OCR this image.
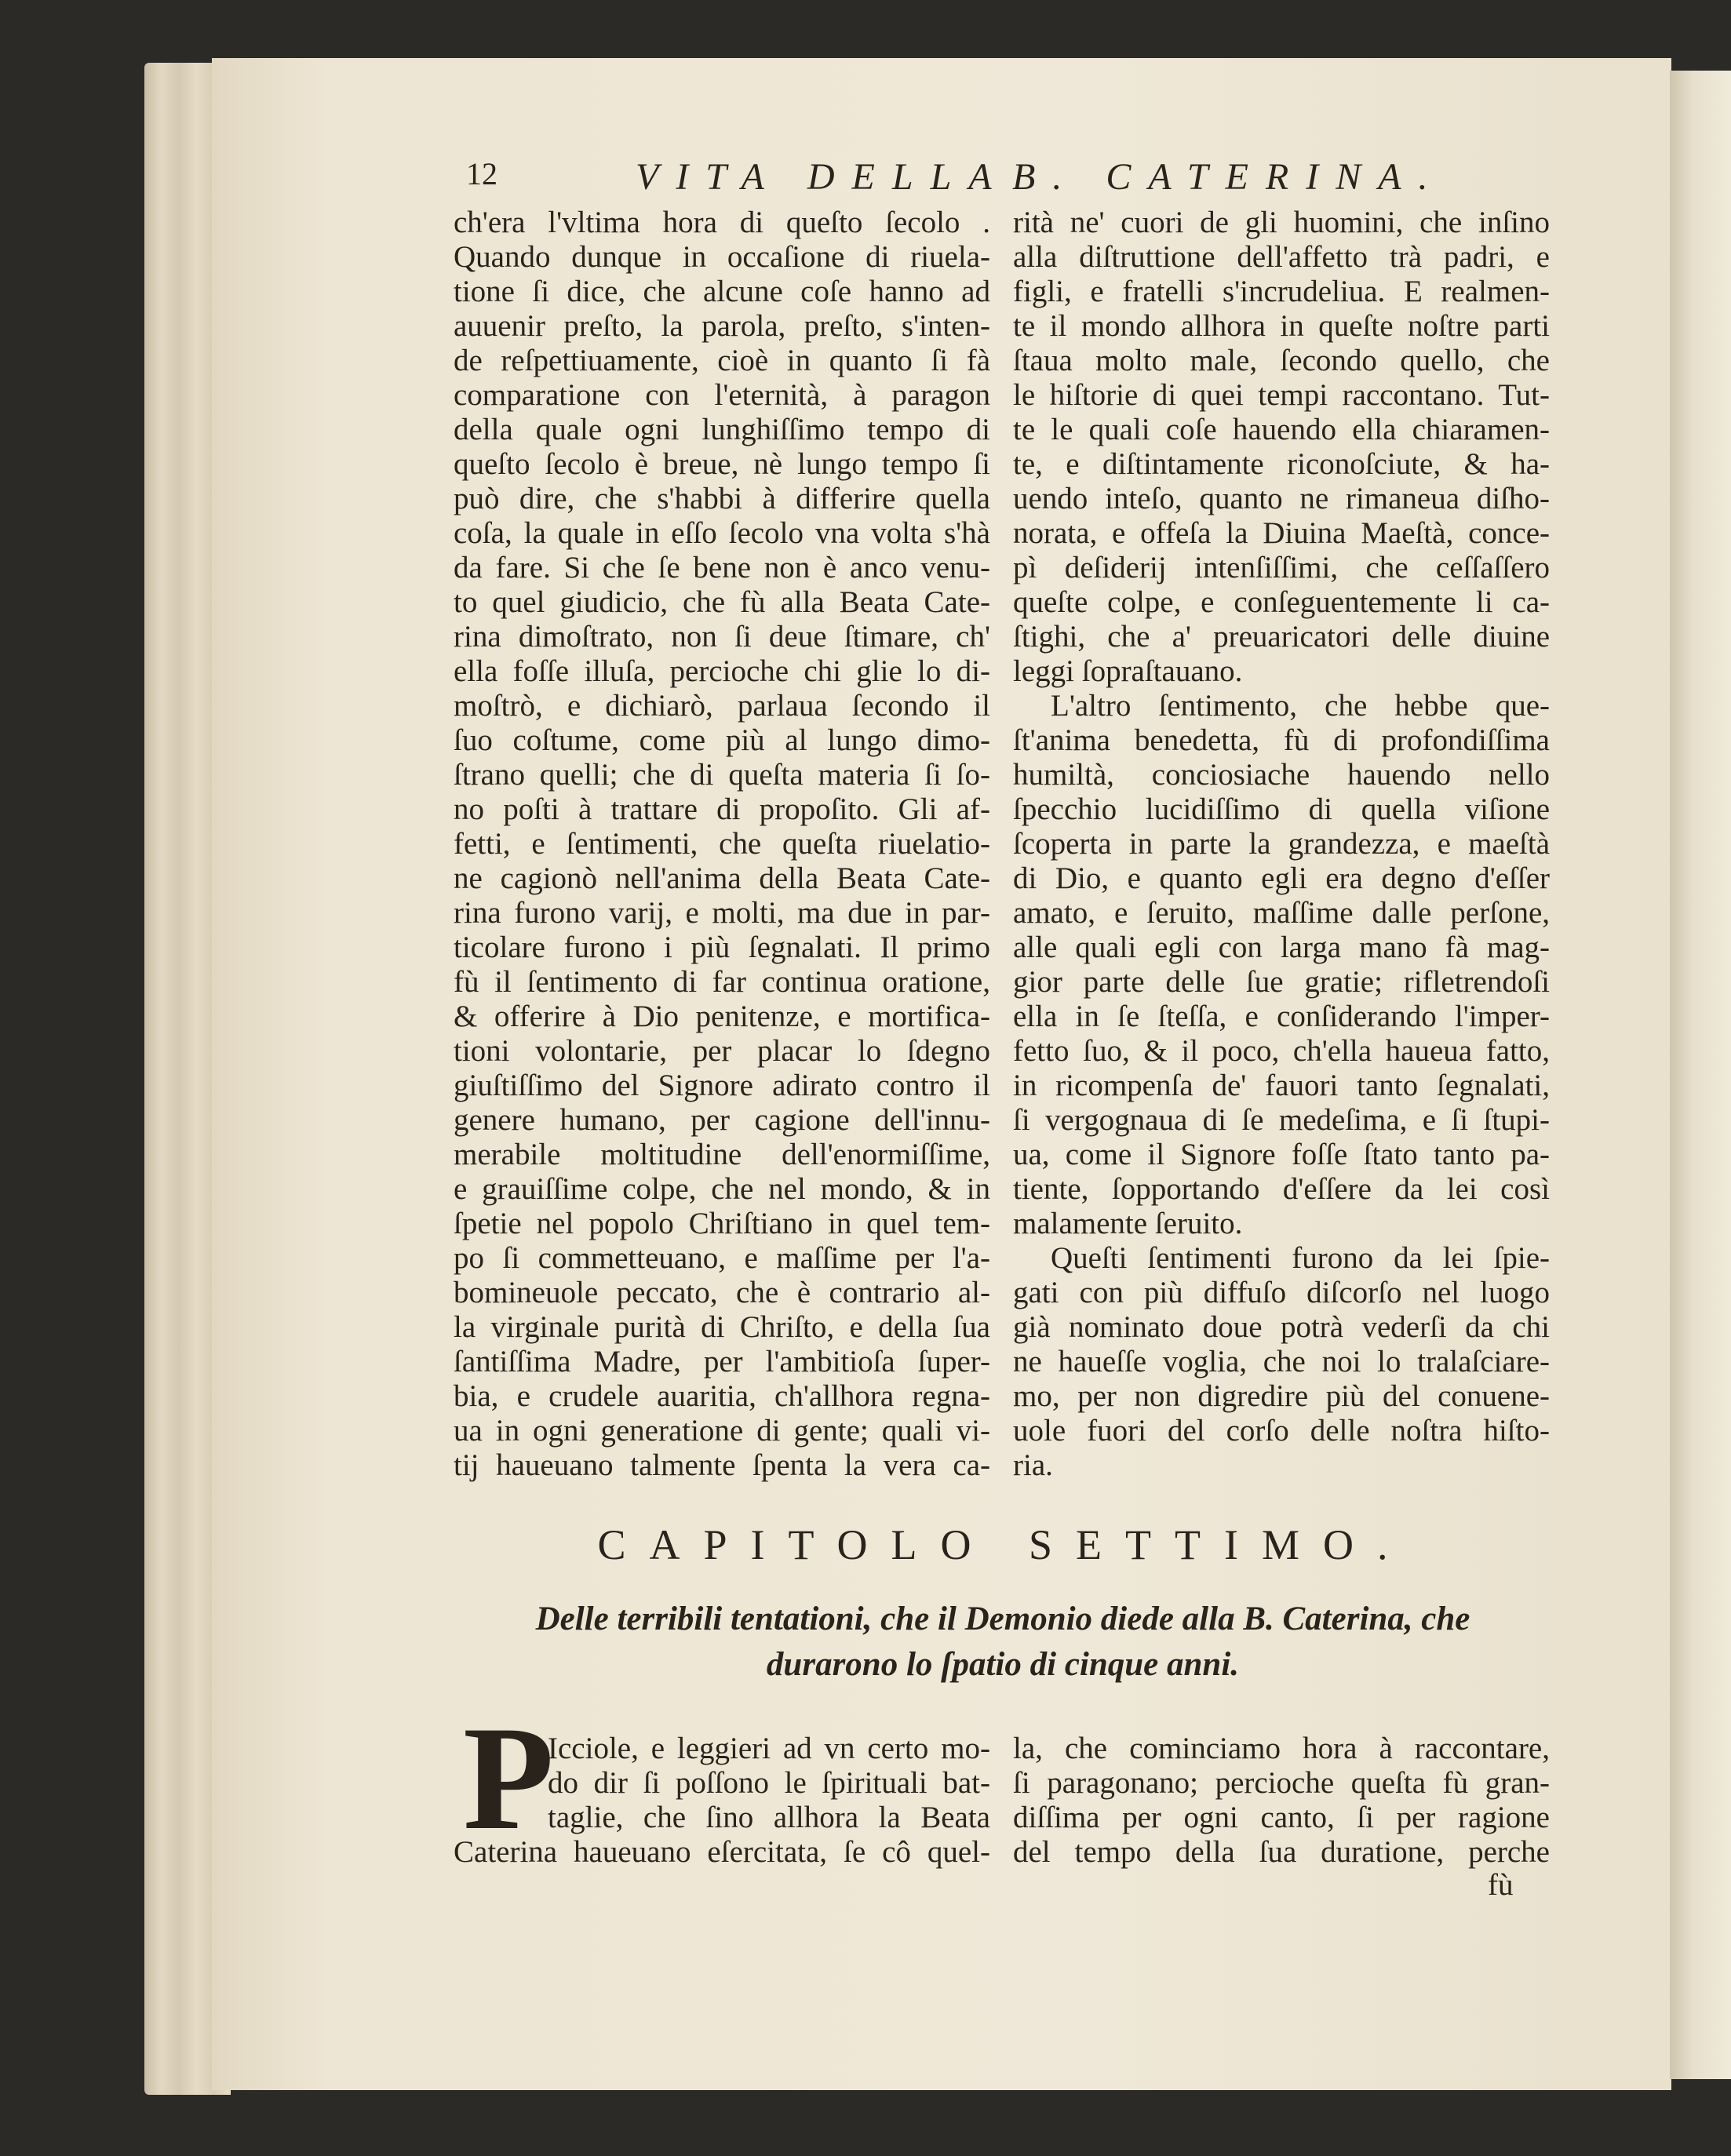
12	VITA DELLA B. CATERINA.
ch'era l'vltima hora di queſto ſecolo .
Quando dunque in occaſione di riuela-
tione ſi dice, che alcune coſe hanno ad
auuenir preſto, la parola, preſto, s'inten-
de reſpettiuamente, cioè in quanto ſi fà
comparatione con l'eternità, à paragon
della quale ogni lunghiſſimo tempo di
queſto ſecolo è breue, nè lungo tempo ſi
può dire, che s'habbi à differire quella
coſa, la quale in eſſo ſecolo vna volta s'hà
da fare. Si che ſe bene non è anco venu-
to quel giudicio, che fù alla Beata Cate-
rina dimoſtrato, non ſi deue ſtimare, ch'
ella foſſe illuſa, percioche chi glie lo di-
moſtrò, e dichiarò, parlaua ſecondo il
ſuo coſtume, come più al lungo dimo-
ſtrano quelli; che di queſta materia ſi ſo-
no poſti à trattare di propoſito. Gli af-
fetti, e ſentimenti, che queſta riuelatio-
ne cagionò nell'anima della Beata Cate-
rina furono varij, e molti, ma due in par-
ticolare furono i più ſegnalati. Il primo
fù il ſentimento di far continua oratione,
& offerire à Dio penitenze, e mortifica-
tioni volontarie, per placar lo ſdegno
giuſtiſſimo del Signore adirato contro il
genere humano, per cagione dell'innu-
merabile moltitudine dell'enormiſſime,
e grauiſſime colpe, che nel mondo, & in
ſpetie nel popolo Chriſtiano in quel tem-
po ſi commetteuano, e maſſime per l'a-
bomineuole peccato, che è contrario al-
la virginale purità di Chriſto, e della ſua
ſantiſſima Madre, per l'ambitioſa ſuper-
bia, e crudele auaritia, ch'allhora regna-
ua in ogni generatione di gente; quali vi-
tij haueuano talmente ſpenta la vera ca-
rità ne' cuori de gli huomini, che inſino
alla diſtruttione dell'affetto trà padri, e
figli, e fratelli s'incrudeliua. E realmen-
te il mondo allhora in queſte noſtre parti
ſtaua molto male, ſecondo quello, che
le hiſtorie di quei tempi raccontano. Tut-
te le quali coſe hauendo ella chiaramen-
te, e diſtintamente riconoſciute, & ha-
uendo inteſo, quanto ne rimaneua diſho-
norata, e offeſa la Diuina Maeſtà, conce-
pì deſiderij intenſiſſimi, che ceſſaſſero
queſte colpe, e conſeguentemente li ca-
ſtighi, che a' preuaricatori delle diuine
leggi ſopraſtauano.
L'altro ſentimento, che hebbe que-
ſt'anima benedetta, fù di profondiſſima
humiltà, conciosiache hauendo nello
ſpecchio lucidiſſimo di quella viſione
ſcoperta in parte la grandezza, e maeſtà
di Dio, e quanto egli era degno d'eſſer
amato, e ſeruito, maſſime dalle perſone,
alle quali egli con larga mano fà mag-
gior parte delle ſue gratie; rifletrendoſi
ella in ſe ſteſſa, e conſiderando l'imper-
fetto ſuo, & il poco, ch'ella haueua fatto,
in ricompenſa de' fauori tanto ſegnalati,
ſi vergognaua di ſe medeſima, e ſi ſtupi-
ua, come il Signore foſſe ſtato tanto pa-
tiente, ſopportando d'eſſere da lei così
malamente ſeruito.
Queſti ſentimenti furono da lei ſpie-
gati con più diffuſo diſcorſo nel luogo
già nominato doue potrà vederſi da chi
ne haueſſe voglia, che noi lo tralaſciare-
mo, per non digredire più del conuene-
uole fuori del corſo delle noſtra hiſto-
ria.
CAPITOLO SETTIMO.
Delle terribili tentationi, che il Demonio diede alla B. Caterina, che
durarono lo ſpatio di cinque anni.
P
Icciole, e leggieri ad vn certo mo-
do dir ſi poſſono le ſpirituali bat-
taglie, che ſino allhora la Beata
Caterina haueuano eſercitata, ſe cô quel-
la, che cominciamo hora à raccontare,
ſi paragonano; percioche queſta fù gran-
diſſima per ogni canto, ſi per ragione
del tempo della ſua duratione, perche
fù
